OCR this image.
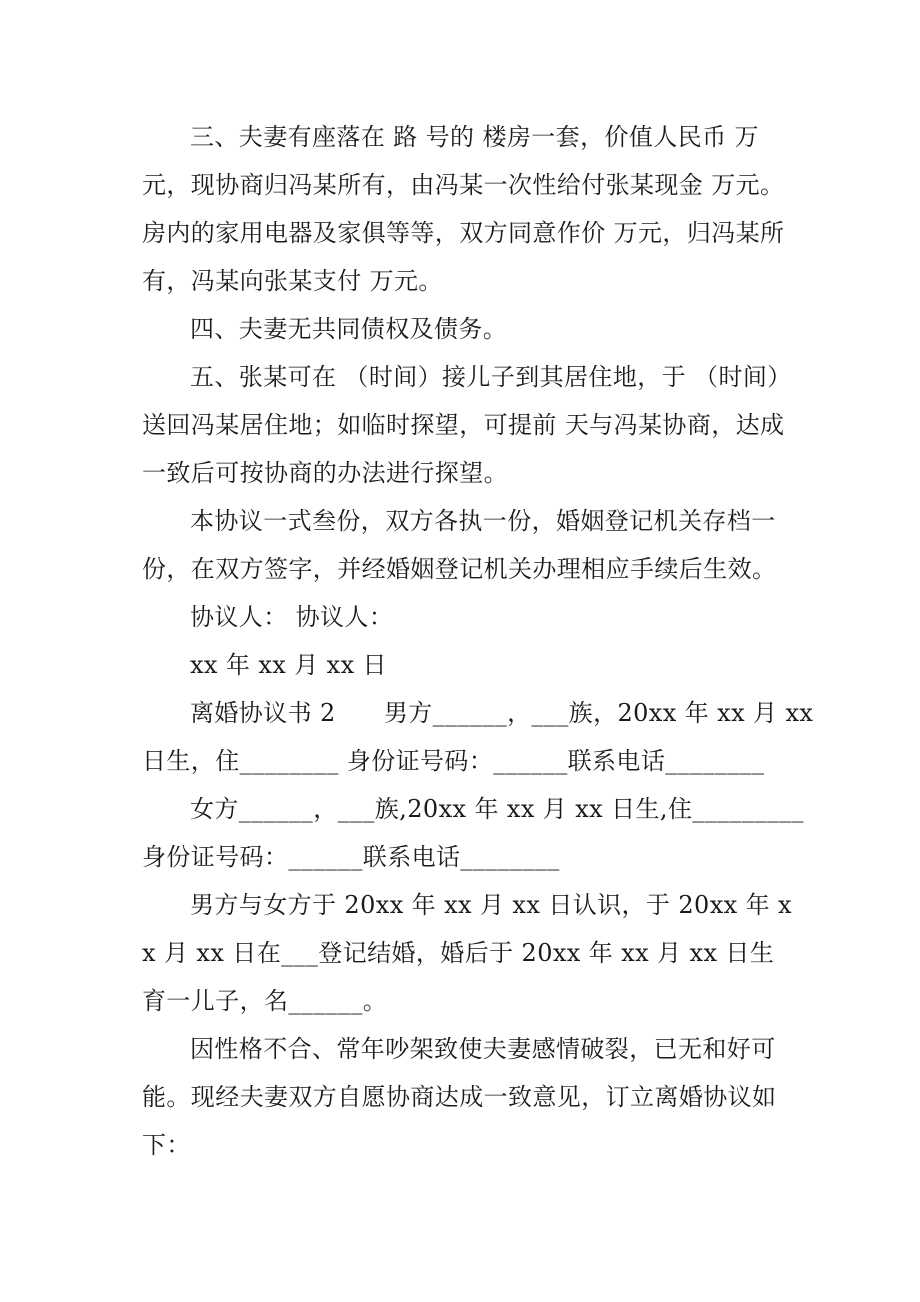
三、夫妻有座落在 路 号的 楼房一套，价值人民币 万元，现协商归冯某所有，由冯某一次性给付张某现金 万元。房内的家用电器及家俱等等，双方同意作价 万元，归冯某所有，冯某向张某支付 万元。

四、夫妻无共同债权及债务。

五、张某可在 （时间）接儿子到其居住地，于 （时间）送回冯某居住地；如临时探望，可提前 天与冯某协商，达成一致后可按协商的办法进行探望。

本协议一式叁份，双方各执一份，婚姻登记机关存档一份，在双方签字，并经婚姻登记机关办理相应手续后生效。

协议人： 协议人：

xx 年 xx 月 xx 日

离婚协议书 2      男方______，___族，20xx 年 xx 月 xx

日生，住________ 身份证号码：______联系电话________

女方______，___族,20xx 年 xx 月 xx 日生,住_________

身份证号码：______联系电话________

男方与女方于 20xx 年 xx 月 xx 日认识，于 20xx 年 xx 月 xx 日在___登记结婚，婚后于 20xx 年 xx 月 xx 日生育一儿子，名______。

因性格不合、常年吵架致使夫妻感情破裂，已无和好可能。现经夫妻双方自愿协商达成一致意见，订立离婚协议如下：
